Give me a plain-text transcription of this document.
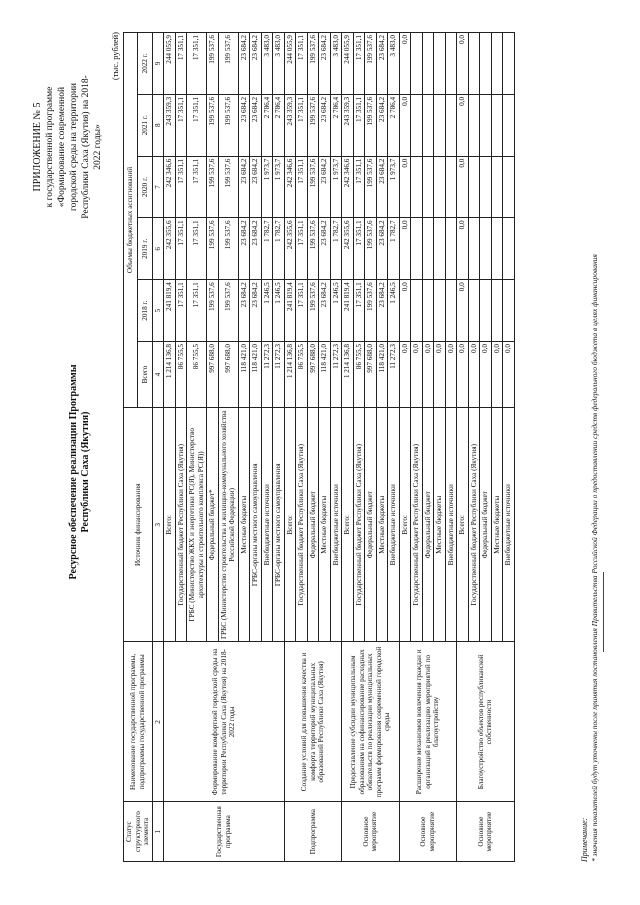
ПРИЛОЖЕНИЕ № 5 к государственной программе «Формирование современной городской среды на территории Республики Саха (Якутия) на 2018- 2022 годы»
Ресурсное обеспечение реализации Программы Республики Саха (Якутия)
(тыс. рублей)
Статус структурного элемента	Наименование государственной программы, подпрограммы государственной программы	Источник финансирования	Объемы бюджетных ассигнований					
			Всего	2018 г.	2019 г.	2020 г.	2021 г.	2022 г.
1	2	3	4	5	6	7	8	9
Государственная программа	Формирование комфортной городской среды на территории Республики Саха (Якутия) на 2018-2022 годы	Всего:	1 214 136,8	241 819,4	242 355,6	242 346,6	243 359,3	244 055,9
		Государственный бюджет Республики Саха (Якутия)	86 755,5	17 351,1	17 351,1	17 351,1	17 351,1	17 351,1
		ГРБС (Министерство ЖКХ и энергетики РС(Я), Министерство архитектуры и строительного комплекса РС(Я))	86 755,5	17 351,1	17 351,1	17 351,1	17 351,1	17 351,1
		Федеральный бюджет*	997 688,0	199 537,6	199 537,6	199 537,6	199 537,6	199 537,6
		ГРБС (Министерство строительства и жилищно-коммунального хозяйства Российской Федерации)	997 688,0	199 537,6	199 537,6	199 537,6	199 537,6	199 537,6
		Местные бюджеты	118 421,0	23 684,2	23 684,2	23 684,2	23 684,2	23 684,2
		ГРБС-органы местного самоуправления	118 421,0	23 684,2	23 684,2	23 684,2	23 684,2	23 684,2
		Внебюджетные источники	11 272,3	1 246,5	1 782,7	1 973,7	2 786,4	3 483,0
		ГРБС-органы местного самоуправления	11 272,3	1 246,5	1 782,7	1 973,7	2 786,4	3 483,0
Подпрограмма	Создание условий для повышения качества и комфорта территорий муниципальных образований Республики Саха (Якутия)	Всего:	1 214 136,8	241 819,4	242 355,6	242 346,6	243 359,3	244 055,9
		Государственный бюджет Республики Саха (Якутия)	86 755,5	17 351,1	17 351,1	17 351,1	17 351,1	17 351,1
		Федеральный бюджет	997 688,0	199 537,6	199 537,6	199 537,6	199 537,6	199 537,6
		Местные бюджеты	118 421,0	23 684,2	23 684,2	23 684,2	23 684,2	23 684,2
		Внебюджетные источники	11 272,3	1 246,5	1 782,7	1 973,7	2 786,4	3 483,0
Основное мероприятие	Предоставление субсидии муниципальным образованиям на софинансирование расходных обязательств по реализации муниципальных программ формирования современной городской среды	Всего:	1 214 136,8	241 819,4	242 355,6	242 346,6	243 359,3	244 055,9
		Государственный бюджет Республики Саха (Якутия)	86 755,5	17 351,1	17 351,1	17 351,1	17 351,1	17 351,1
		Федеральный бюджет	997 688,0	199 537,6	199 537,6	199 537,6	199 537,6	199 537,6
		Местные бюджеты	118 421,0	23 684,2	23 684,2	23 684,2	23 684,2	23 684,2
		Внебюджетные источники	11 272,3	1 246,5	1 782,7	1 973,7	2 786,4	3 483,0
Основное мероприятие	Расширение механизмов вовлечения граждан и организаций в реализацию мероприятий по благоустройству	Всего:	0,0	0,0	0,0	0,0	0,0	0,0
		Государственный бюджет Республики Саха (Якутия)	0,0					
		Федеральный бюджет	0,0					
		Местные бюджеты	0,0					
		Внебюджетные источники	0,0					
Основное мероприятие	Благоустройство объектов республиканской собственности	Всего:	0,0	0,0	0,0	0,0	0,0	0,0
		Государственный бюджет Республики Саха (Якутия)	0,0					
		Федеральный бюджет	0,0					
		Местные бюджеты	0,0					
		Внебюджетные источники	0,0					
Примечание: * значения показателей будут уточнены после принятия постановления Правительства Российской Федерации о предоставлении средств федерального бюджета в целях финансирования
